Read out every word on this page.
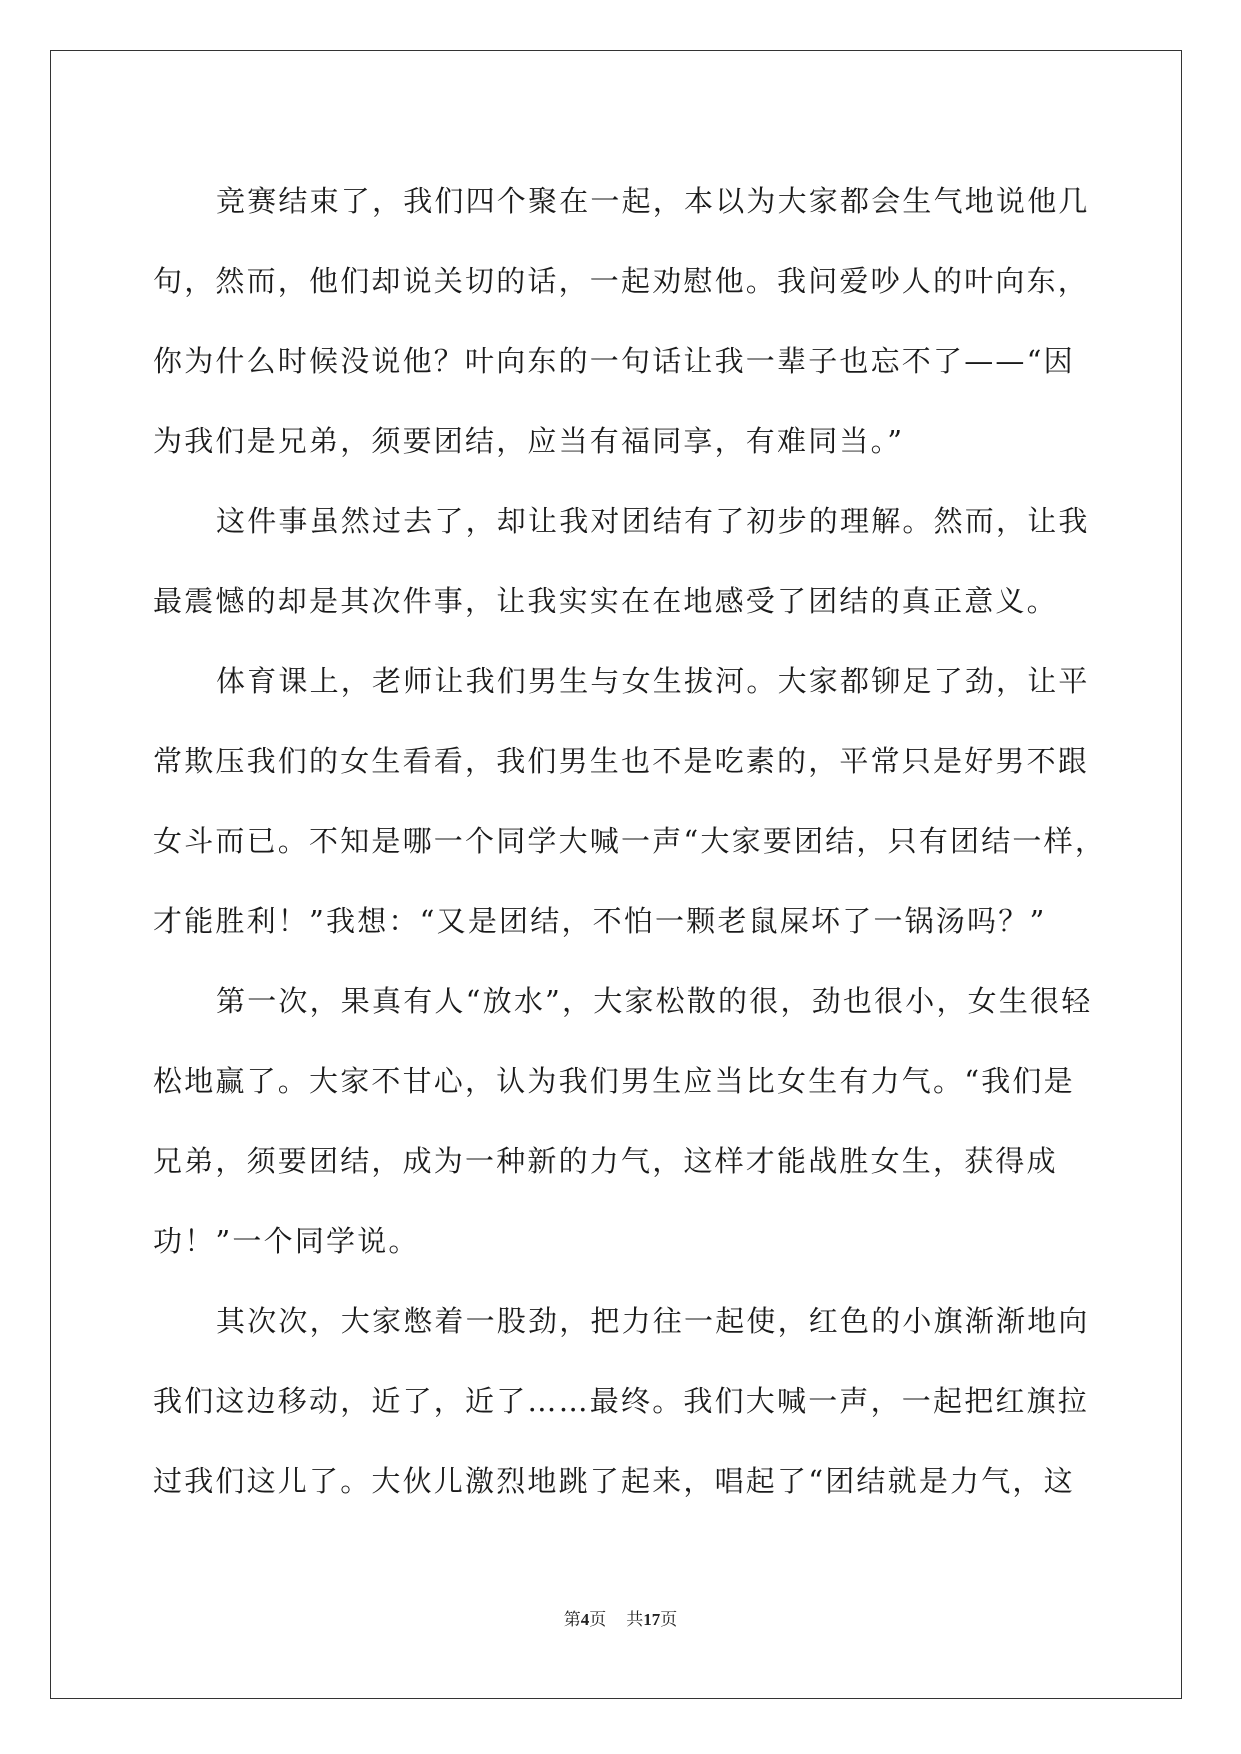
竞赛结束了，我们四个聚在一起，本以为大家都会生气地说他几
句，然而，他们却说关切的话，一起劝慰他。我问爱吵人的叶向东，
你为什么时候没说他？叶向东的一句话让我一辈子也忘不了——“因
为我们是兄弟，须要团结，应当有福同享，有难同当。”
这件事虽然过去了，却让我对团结有了初步的理解。然而，让我
最震憾的却是其次件事，让我实实在在地感受了团结的真正意义。
体育课上，老师让我们男生与女生拔河。大家都铆足了劲，让平
常欺压我们的女生看看，我们男生也不是吃素的，平常只是好男不跟
女斗而已。不知是哪一个同学大喊一声“大家要团结，只有团结一样，
才能胜利！”我想：“又是团结，不怕一颗老鼠屎坏了一锅汤吗？”
第一次，果真有人“放水”，大家松散的很，劲也很小，女生很轻
松地赢了。大家不甘心，认为我们男生应当比女生有力气。“我们是
兄弟，须要团结，成为一种新的力气，这样才能战胜女生，获得成
功！”一个同学说。
其次次，大家憋着一股劲，把力往一起使，红色的小旗渐渐地向
我们这边移动，近了，近了……最终。我们大喊一声，一起把红旗拉
过我们这儿了。大伙儿激烈地跳了起来，唱起了“团结就是力气，这
第4页 共17页
